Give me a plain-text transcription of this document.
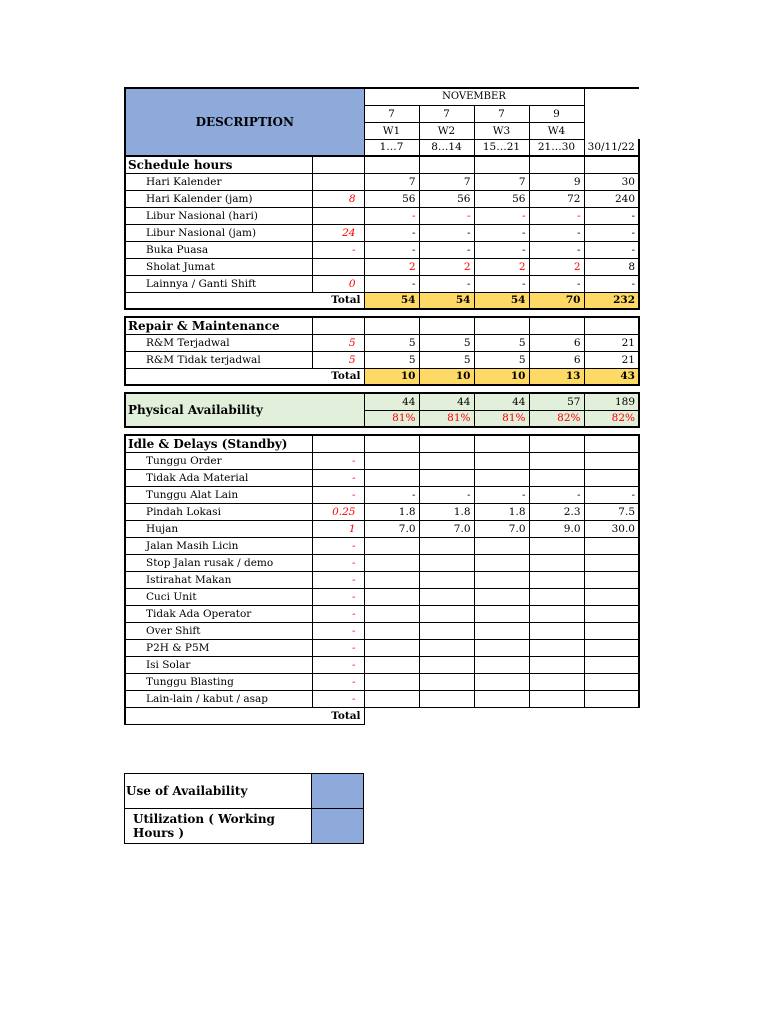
DESCRIPTION		NOVEMBER				
		7	7	7	9	
		W1	W2	W3	W4	
		1…7	8…14	15…21	21…30	30/11/22
Schedule hours						
Hari Kalender		7	7	7	9	30
Hari Kalender (jam)	8	56	56	56	72	240
Libur Nasional (hari)		-	-	-	-	-
Libur Nasional (jam)	24	-	-	-	-	-
Buka Puasa	-	-	-	-	-	-
Sholat Jumat		2	2	2	2	8
Lainnya / Ganti Shift	0	-	-	-	-	-
Total		54	54	54	70	232

Repair & Maintenance						
R&M Terjadwal	5	5	5	5	6	21
R&M Tidak terjadwal	5	5	5	5	6	21
Total		10	10	10	13	43

Physical Availability		44	44	44	57	189
		81%	81%	81%	82%	82%

Idle & Delays (Standby)						
Tunggu Order	-					
Tidak Ada Material	-					
Tunggu Alat Lain	-	-	-	-	-	-
Pindah Lokasi	0.25	1.8	1.8	1.8	2.3	7.5
Hujan	1	7.0	7.0	7.0	9.0	30.0
Jalan Masih Licin	-					
Stop Jalan rusak / demo	-					
Istirahat Makan	-					
Cuci Unit	-					
Tidak Ada Operator	-					
Over Shift	-					
P2H & P5M	-					
Isi Solar	-					
Tunggu Blasting	-					
Lain-lain / kabut / asap	-					
Total						
Use of Availability	
Utilization ( Working Hours )	
